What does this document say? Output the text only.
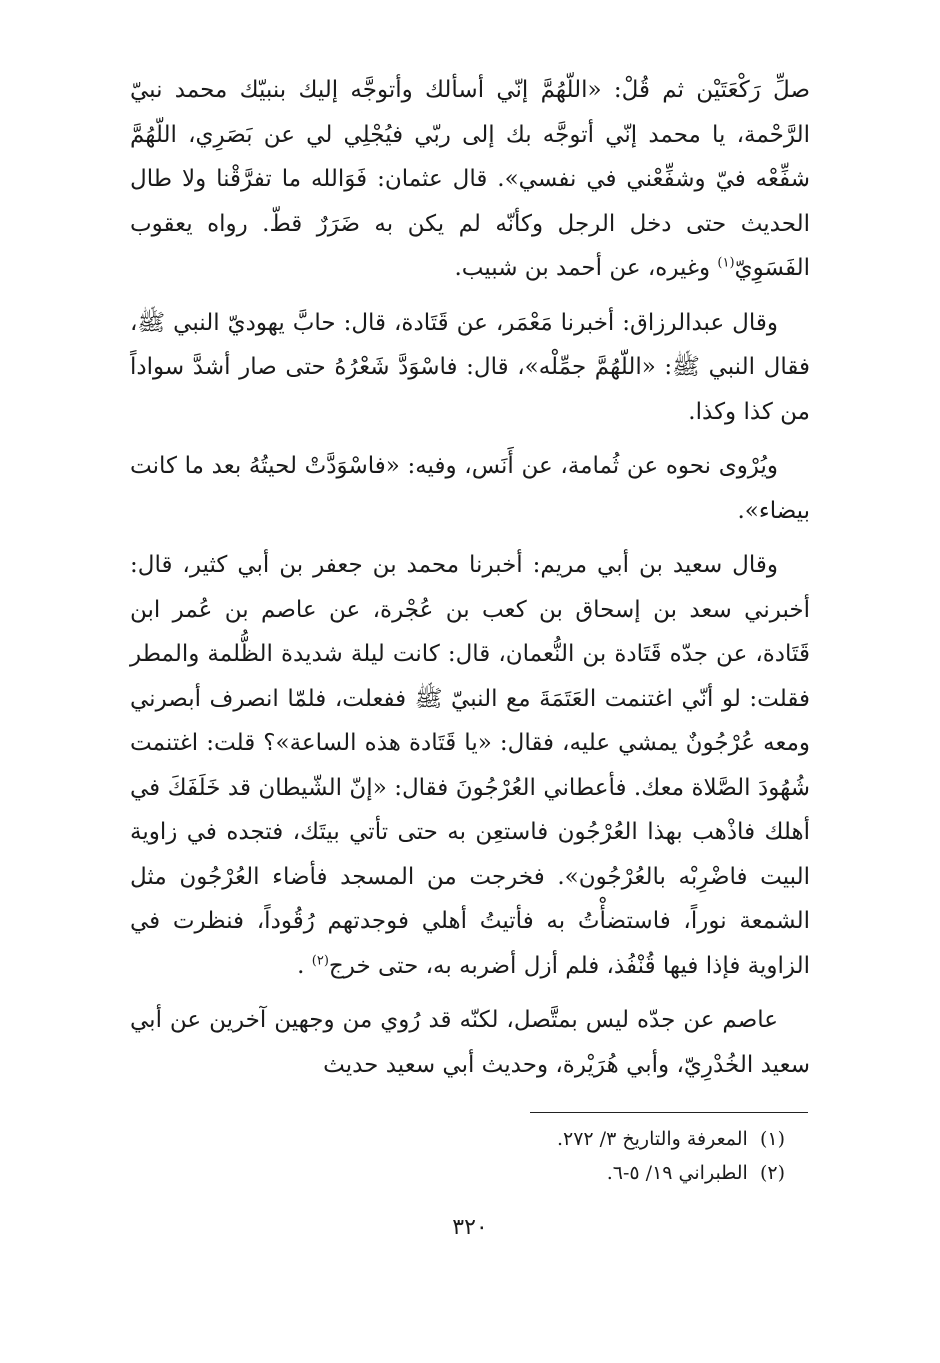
صلِّ رَكْعَتَيْن ثم قُلْ: «اللّهُمَّ إنّي أسألك وأتوجَّه إليك بنبيّك محمد نبيّ الرَّحْمة، يا محمد إنّي أتوجَّه بك إلى ربّي فيُجْلِي لي عن بَصَرِي، اللّهُمَّ شفِّعْه فيّ وشفِّعْني في نفسي». قال عثمان: فَوَالله ما تفرَّقْنا ولا طال الحديث حتى دخل الرجل وكأنّه لم يكن به ضَرَرٌ قطّ. رواه يعقوب الفَسَوِيّ$^{(١)}$ وغيره، عن أحمد بن شبيب.

وقال عبدالرزاق: أخبرنا مَعْمَر، عن قَتَادة، قال: حابَّ يهوديّ النبي ﷺ، فقال النبي ﷺ: «اللّهُمَّ جمِّلْه»، قال: فاسْوَدَّ شَعْرُهُ حتى صار أشدَّ سواداً من كذا وكذا.

ويُرْوى نحوه عن ثُمامة، عن أَنَس، وفيه: «فاسْوَدَّتْ لحيتُهُ بعد ما كانت بيضاء».

وقال سعيد بن أبي مريم: أخبرنا محمد بن جعفر بن أبي كثير، قال: أخبرني سعد بن إسحاق بن كعب بن عُجْرة، عن عاصم بن عُمر ابن قَتَادة، عن جدّه قَتَادة بن النُّعمان، قال: كانت ليلة شديدة الظُّلمة والمطر فقلت: لو أنّي اغتنمت العَتَمَةَ مع النبيّ ﷺ ففعلت، فلمّا انصرف أبصرني ومعه عُرْجُونٌ يمشي عليه، فقال: «يا قَتَادة هذه الساعة»؟ قلت: اغتنمت شُهُودَ الصَّلاة معك. فأعطاني العُرْجُونَ فقال: «إنّ الشّيطان قد خَلَفَكَ في أهلك فاذْهب بهذا العُرْجُون فاستعِن به حتى تأتي بيتَك، فتجده في زاوية البيت فاضْرِبْه بالعُرْجُون». فخرجت من المسجد فأضاء العُرْجُون مثل الشمعة نوراً، فاستضأْتُ به فأتيتُ أهلي فوجدتهم رُقُوداً، فنظرت في الزاوية فإذا فيها قُنْفُذ، فلم أزل أضربه به، حتى خرج$^{(٢)}$ .

عاصم عن جدّه ليس بمتَّصل، لكنّه قد رُوي من وجهين آخرين عن أبي سعيد الخُدْرِيّ، وأبي هُرَيْرة، وحديث أبي سعيد حديث

(١)  المعرفة والتاريخ ٣/ ٢٧٢.

(٢)  الطبراني ١٩/ ٥-٦.

٣٢٠
